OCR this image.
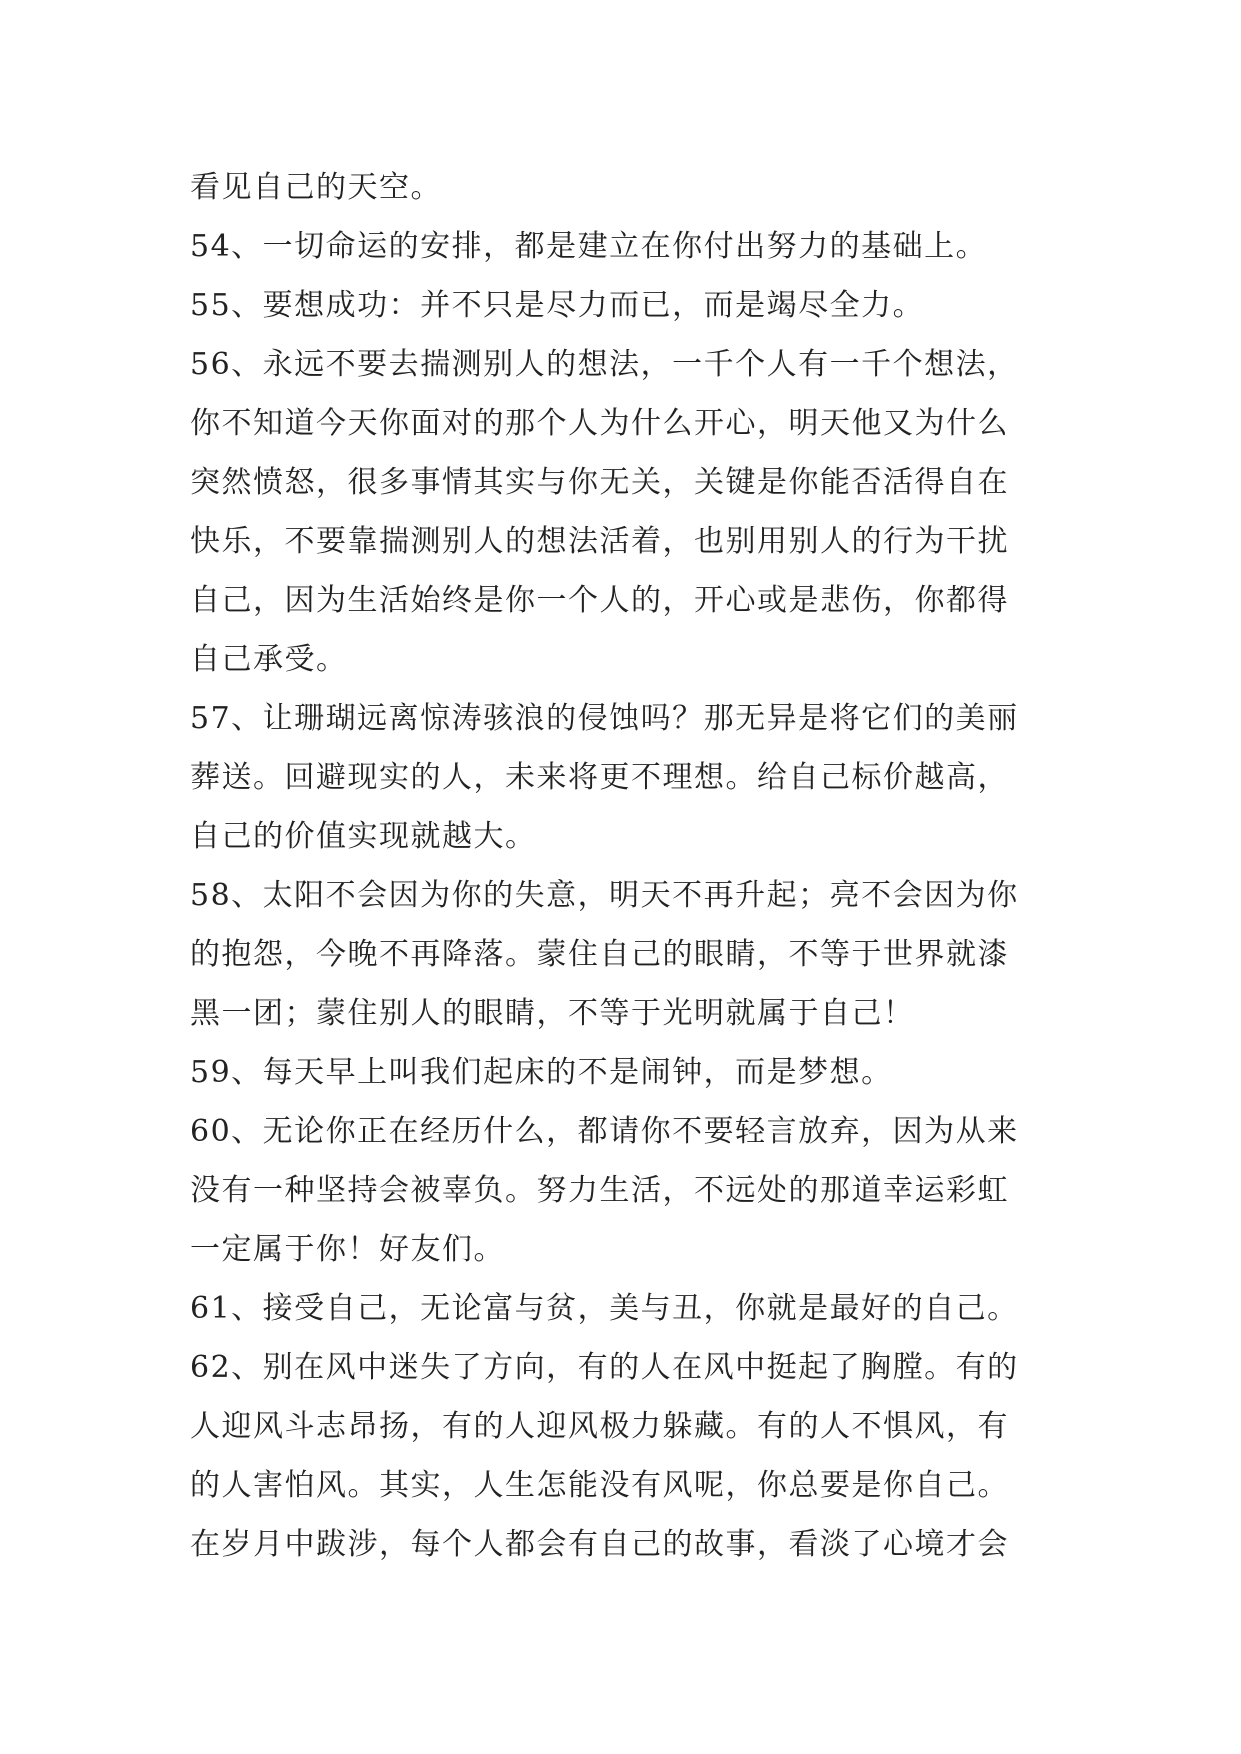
看见自己的天空。
54、一切命运的安排，都是建立在你付出努力的基础上。
55、要想成功：并不只是尽力而已，而是竭尽全力。
56、永远不要去揣测别人的想法，一千个人有一千个想法，
你不知道今天你面对的那个人为什么开心，明天他又为什么
突然愤怒，很多事情其实与你无关，关键是你能否活得自在
快乐，不要靠揣测别人的想法活着，也别用别人的行为干扰
自己，因为生活始终是你一个人的，开心或是悲伤，你都得
自己承受。
57、让珊瑚远离惊涛骇浪的侵蚀吗？那无异是将它们的美丽
葬送。回避现实的人，未来将更不理想。给自己标价越高，
自己的价值实现就越大。
58、太阳不会因为你的失意，明天不再升起；亮不会因为你
的抱怨，今晚不再降落。蒙住自己的眼睛，不等于世界就漆
黑一团；蒙住别人的眼睛，不等于光明就属于自己！
59、每天早上叫我们起床的不是闹钟，而是梦想。
60、无论你正在经历什么，都请你不要轻言放弃，因为从来
没有一种坚持会被辜负。努力生活，不远处的那道幸运彩虹
一定属于你！好友们。
61、接受自己，无论富与贫，美与丑，你就是最好的自己。
62、别在风中迷失了方向，有的人在风中挺起了胸膛。有的
人迎风斗志昂扬，有的人迎风极力躲藏。有的人不惧风，有
的人害怕风。其实，人生怎能没有风呢，你总要是你自己。
在岁月中跋涉，每个人都会有自己的故事，看淡了心境才会
